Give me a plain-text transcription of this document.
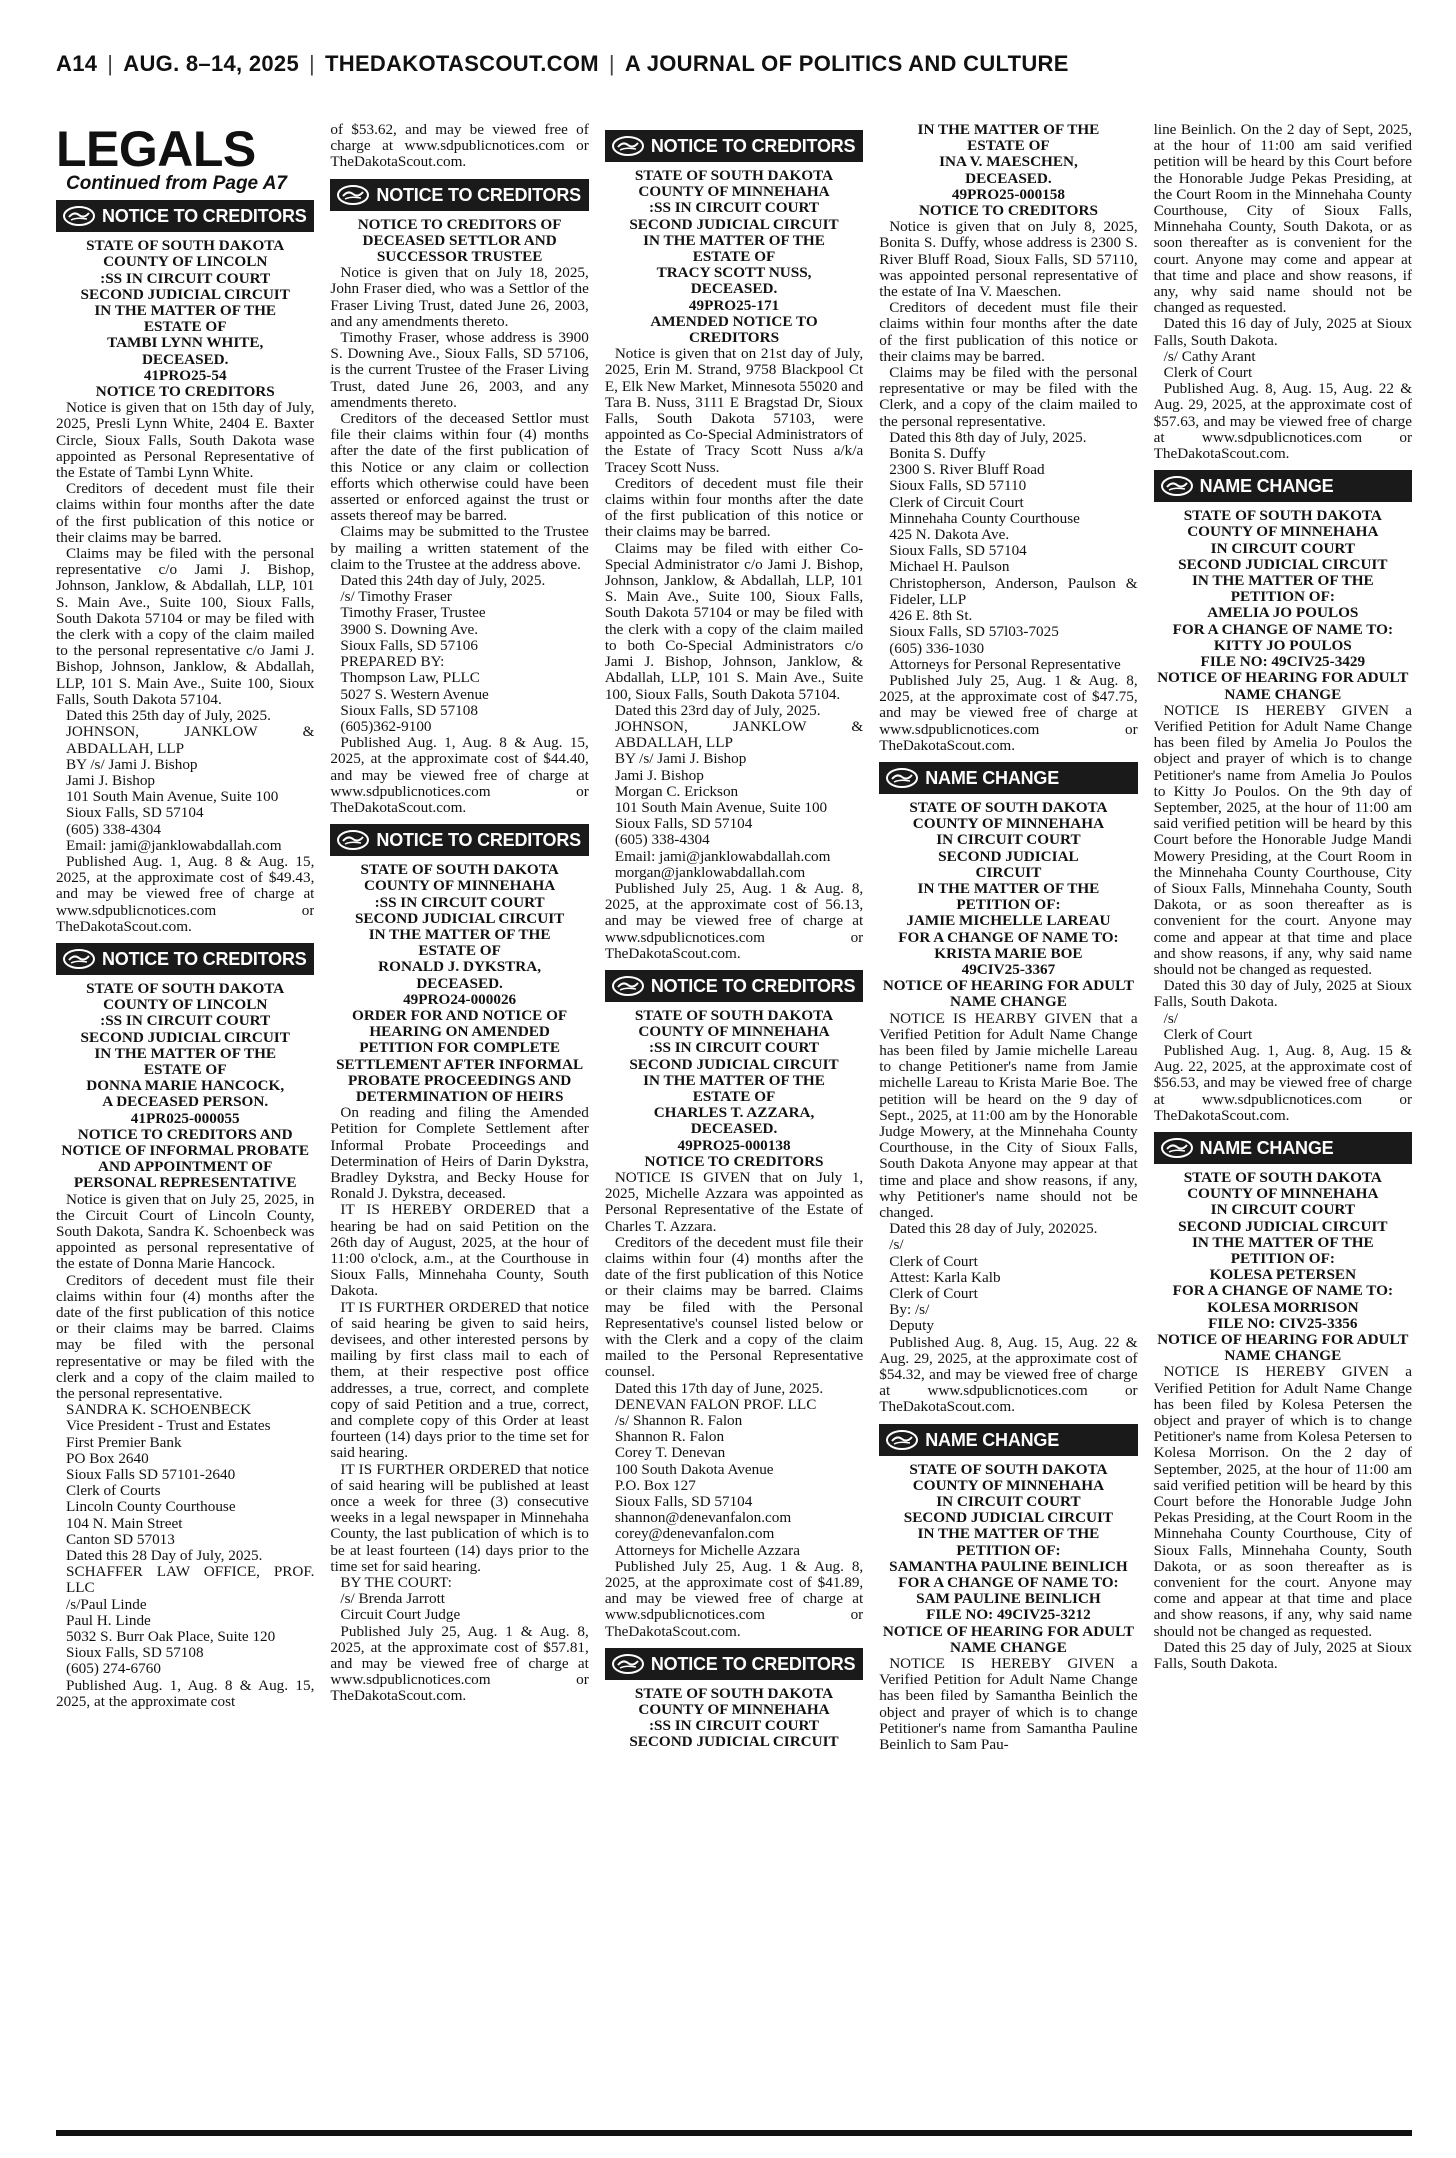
A14 | AUG. 8–14, 2025 | THEDAKOTASCOUT.COM | A JOURNAL OF POLITICS AND CULTURE
LEGALS

Continued from Page A7

NOTICE TO CREDITORS

STATE OF SOUTH DAKOTA

COUNTY OF LINCOLN

:SS IN CIRCUIT COURT

SECOND JUDICIAL CIRCUIT

IN THE MATTER OF THE

ESTATE OF

TAMBI LYNN WHITE,

DECEASED.

41PRO25-54

NOTICE TO CREDITORS

Notice is given that on 15th day of July, 2025, Presli Lynn White, 2404 E. Baxter Circle, Sioux Falls, South Dakota wase appointed as Personal Representative of the Estate of Tambi Lynn White.

Creditors of decedent must file their claims within four months after the date of the first publication of this notice or their claims may be barred.

Claims may be filed with the personal representative c/o Jami J. Bishop, Johnson, Janklow, & Abdallah, LLP, 101 S. Main Ave., Suite 100, Sioux Falls, South Dakota 57104 or may be filed with the clerk with a copy of the claim mailed to the personal representative c/o Jami J. Bishop, Johnson, Janklow, & Abdallah, LLP, 101 S. Main Ave., Suite 100, Sioux Falls, South Dakota 57104.

Dated this 25th day of July, 2025.

JOHNSON, JANKLOW & ABDALLAH, LLP

BY /s/ Jami J. Bishop

Jami J. Bishop

101 South Main Avenue, Suite 100

Sioux Falls, SD 57104

(605) 338-4304

Email: jami@janklowabdallah.com

Published Aug. 1, Aug. 8 & Aug. 15, 2025, at the approximate cost of $49.43, and may be viewed free of charge at www.sdpublicnotices.com or TheDakotaScout.com.

NOTICE TO CREDITORS

STATE OF SOUTH DAKOTA

COUNTY OF LINCOLN

:SS IN CIRCUIT COURT

SECOND JUDICIAL CIRCUIT

IN THE MATTER OF THE

ESTATE OF

DONNA MARIE HANCOCK,

A DECEASED PERSON.

41PR025-000055

NOTICE TO CREDITORS AND NOTICE OF INFORMAL PROBATE AND APPOINTMENT OF PERSONAL REPRESENTATIVE

Notice is given that on July 25, 2025, in the Circuit Court of Lincoln County, South Dakota, Sandra K. Schoenbeck was appointed as personal representative of the estate of Donna Marie Hancock.

Creditors of decedent must file their claims within four (4) months after the date of the first publication of this notice or their claims may be barred. Claims may be filed with the personal representative or may be filed with the clerk and a copy of the claim mailed to the personal representative.

SANDRA K. SCHOENBECK

Vice President - Trust and Estates

First Premier Bank

PO Box 2640

Sioux Falls SD 57101-2640

Clerk of Courts

Lincoln County Courthouse

104 N. Main Street

Canton SD 57013

Dated this 28 Day of July, 2025.

SCHAFFER LAW OFFICE, PROF. LLC

/s/Paul Linde

Paul H. Linde

5032 S. Burr Oak Place, Suite 120

Sioux Falls, SD 57108

(605) 274-6760

Published Aug. 1, Aug. 8 & Aug. 15, 2025, at the approximate cost

of $53.62, and may be viewed free of charge at www.sdpublicnotices.com or TheDakotaScout.com.

NOTICE TO CREDITORS

NOTICE TO CREDITORS OF DECEASED SETTLOR AND SUCCESSOR TRUSTEE

Notice is given that on July 18, 2025, John Fraser died, who was a Settlor of the Fraser Living Trust, dated June 26, 2003, and any amendments thereto.

Timothy Fraser, whose address is 3900 S. Downing Ave., Sioux Falls, SD 57106, is the current Trustee of the Fraser Living Trust, dated June 26, 2003, and any amendments thereto.

Creditors of the deceased Settlor must file their claims within four (4) months after the date of the first publication of this Notice or any claim or collection efforts which otherwise could have been asserted or enforced against the trust or assets thereof may be barred.

Claims may be submitted to the Trustee by mailing a written statement of the claim to the Trustee at the address above.

Dated this 24th day of July, 2025.

/s/ Timothy Fraser

Timothy Fraser, Trustee

3900 S. Downing Ave.

Sioux Falls, SD 57106

PREPARED BY:

Thompson Law, PLLC

5027 S. Western Avenue

Sioux Falls, SD 57108

(605)362-9100

Published Aug. 1, Aug. 8 & Aug. 15, 2025, at the approximate cost of $44.40, and may be viewed free of charge at www.sdpublicnotices.com or TheDakotaScout.com.

NOTICE TO CREDITORS

STATE OF SOUTH DAKOTA

COUNTY OF MINNEHAHA

:SS IN CIRCUIT COURT

SECOND JUDICIAL CIRCUIT

IN THE MATTER OF THE

ESTATE OF

RONALD J. DYKSTRA,

DECEASED.

49PRO24-000026

ORDER FOR AND NOTICE OF HEARING ON AMENDED PETITION FOR COMPLETE SETTLEMENT AFTER INFORMAL PROBATE PROCEEDINGS AND DETERMINATION OF HEIRS

On reading and filing the Amended Petition for Complete Settlement after Informal Probate Proceedings and Determination of Heirs of Darin Dykstra, Bradley Dykstra, and Becky House for Ronald J. Dykstra, deceased.

IT IS HEREBY ORDERED that a hearing be had on said Petition on the 26th day of August, 2025, at the hour of 11:00 o'clock, a.m., at the Courthouse in Sioux Falls, Minnehaha County, South Dakota.

IT IS FURTHER ORDERED that notice of said hearing be given to said heirs, devisees, and other interested persons by mailing by first class mail to each of them, at their respective post office addresses, a true, correct, and complete copy of said Petition and a true, correct, and complete copy of this Order at least fourteen (14) days prior to the time set for said hearing.

IT IS FURTHER ORDERED that notice of said hearing will be published at least once a week for three (3) consecutive weeks in a legal newspaper in Minnehaha County, the last publication of which is to be at least fourteen (14) days prior to the time set for said hearing.

BY THE COURT:

/s/ Brenda Jarrott

Circuit Court Judge

Published July 25, Aug. 1 & Aug. 8, 2025, at the approximate cost of $57.81, and may be viewed free of charge at www.sdpublicnotices.com or TheDakotaScout.com.

NOTICE TO CREDITORS

STATE OF SOUTH DAKOTA

COUNTY OF MINNEHAHA

:SS IN CIRCUIT COURT

SECOND JUDICIAL CIRCUIT

IN THE MATTER OF THE

ESTATE OF

TRACY SCOTT NUSS,

DECEASED.

49PRO25-171

AMENDED NOTICE TO CREDITORS

Notice is given that on 21st day of July, 2025, Erin M. Strand, 9758 Blackpool Ct E, Elk New Market, Minnesota 55020 and Tara B. Nuss, 3111 E Bragstad Dr, Sioux Falls, South Dakota 57103, were appointed as Co-Special Administrators of the Estate of Tracy Scott Nuss a/k/a Tracey Scott Nuss.

Creditors of decedent must file their claims within four months after the date of the first publication of this notice or their claims may be barred.

Claims may be filed with either Co-Special Administrator c/o Jami J. Bishop, Johnson, Janklow, & Abdallah, LLP, 101 S. Main Ave., Suite 100, Sioux Falls, South Dakota 57104 or may be filed with the clerk with a copy of the claim mailed to both Co-Special Administrators c/o Jami J. Bishop, Johnson, Janklow, & Abdallah, LLP, 101 S. Main Ave., Suite 100, Sioux Falls, South Dakota 57104.

Dated this 23rd day of July, 2025.

JOHNSON, JANKLOW & ABDALLAH, LLP

BY /s/ Jami J. Bishop

Jami J. Bishop

Morgan C. Erickson

101 South Main Avenue, Suite 100

Sioux Falls, SD 57104

(605) 338-4304

Email: jami@janklowabdallah.com

morgan@janklowabdallah.com

Published July 25, Aug. 1 & Aug. 8, 2025, at the approximate cost of 56.13, and may be viewed free of charge at www.sdpublicnotices.com or TheDakotaScout.com.

NOTICE TO CREDITORS

STATE OF SOUTH DAKOTA

COUNTY OF MINNEHAHA

:SS IN CIRCUIT COURT

SECOND JUDICIAL CIRCUIT

IN THE MATTER OF THE

ESTATE OF

CHARLES T. AZZARA,

DECEASED.

49PRO25-000138

NOTICE TO CREDITORS

NOTICE IS GIVEN that on July 1, 2025, Michelle Azzara was appointed as Personal Representative of the Estate of Charles T. Azzara.

Creditors of the decedent must file their claims within four (4) months after the date of the first publication of this Notice or their claims may be barred. Claims may be filed with the Personal Representative's counsel listed below or with the Clerk and a copy of the claim mailed to the Personal Representative counsel.

Dated this 17th day of June, 2025.

DENEVAN FALON PROF. LLC

/s/ Shannon R. Falon

Shannon R. Falon

Corey T. Denevan

100 South Dakota Avenue

P.O. Box 127

Sioux Falls, SD 57104

shannon@denevanfalon.com

corey@denevanfalon.com

Attorneys for Michelle Azzara

Published July 25, Aug. 1 & Aug. 8, 2025, at the approximate cost of $41.89, and may be viewed free of charge at www.sdpublicnotices.com or TheDakotaScout.com.

NOTICE TO CREDITORS

STATE OF SOUTH DAKOTA

COUNTY OF MINNEHAHA

:SS IN CIRCUIT COURT

SECOND JUDICIAL CIRCUIT

IN THE MATTER OF THE

ESTATE OF

INA V. MAESCHEN,

DECEASED.

49PRO25-000158

NOTICE TO CREDITORS

Notice is given that on July 8, 2025, Bonita S. Duffy, whose address is 2300 S. River Bluff Road, Sioux Falls, SD 57110, was appointed personal representative of the estate of Ina V. Maeschen.

Creditors of decedent must file their claims within four months after the date of the first publication of this notice or their claims may be barred.

Claims may be filed with the personal representative or may be filed with the Clerk, and a copy of the claim mailed to the personal representative.

Dated this 8th day of July, 2025.

Bonita S. Duffy

2300 S. River Bluff Road

Sioux Falls, SD 57110

Clerk of Circuit Court

Minnehaha County Courthouse

425 N. Dakota Ave.

Sioux Falls, SD 57104

Michael H. Paulson

Christopherson, Anderson, Paulson & Fideler, LLP

426 E. 8th St.

Sioux Falls, SD 57l03-7025

(605) 336-1030

Attorneys for Personal Representative

Published July 25, Aug. 1 & Aug. 8, 2025, at the approximate cost of $47.75, and may be viewed free of charge at www.sdpublicnotices.com or TheDakotaScout.com.

NAME CHANGE

STATE OF SOUTH DAKOTA

COUNTY OF MINNEHAHA

IN CIRCUIT COURT

SECOND JUDICIAL

CIRCUIT

IN THE MATTER OF THE

PETITION OF:

JAMIE MICHELLE LAREAU

FOR A CHANGE OF NAME TO:

KRISTA MARIE BOE

49CIV25-3367

NOTICE OF HEARING FOR ADULT NAME CHANGE

NOTICE IS HEARBY GIVEN that a Verified Petition for Adult Name Change has been filed by Jamie michelle Lareau to change Petitioner's name from Jamie michelle Lareau to Krista Marie Boe. The petition will be heard on the 9 day of Sept., 2025, at 11:00 am by the Honorable Judge Mowery, at the Minnehaha County Courthouse, in the City of Sioux Falls, South Dakota Anyone may appear at that time and place and show reasons, if any, why Petitioner's name should not be changed.

Dated this 28 day of July, 202025.

/s/

Clerk of Court

Attest: Karla Kalb

Clerk of Court

By: /s/

Deputy

Published Aug. 8, Aug. 15, Aug. 22 & Aug. 29, 2025, at the approximate cost of $54.32, and may be viewed free of charge at www.sdpublicnotices.com or TheDakotaScout.com.

NAME CHANGE

STATE OF SOUTH DAKOTA

COUNTY OF MINNEHAHA

IN CIRCUIT COURT

SECOND JUDICIAL CIRCUIT

IN THE MATTER OF THE

PETITION OF:

SAMANTHA PAULINE BEINLICH

FOR A CHANGE OF NAME TO:

SAM PAULINE BEINLICH

FILE NO: 49CIV25-3212

NOTICE OF HEARING FOR ADULT NAME CHANGE

NOTICE IS HEREBY GIVEN a Verified Petition for Adult Name Change has been filed by Samantha Beinlich the object and prayer of which is to change Petitioner's name from Samantha Pauline Beinlich to Sam Pau-

line Beinlich. On the 2 day of Sept, 2025, at the hour of 11:00 am said verified petition will be heard by this Court before the Honorable Judge Pekas Presiding, at the Court Room in the Minnehaha County Courthouse, City of Sioux Falls, Minnehaha County, South Dakota, or as soon thereafter as is convenient for the court. Anyone may come and appear at that time and place and show reasons, if any, why said name should not be changed as requested.

Dated this 16 day of July, 2025 at Sioux Falls, South Dakota.

/s/ Cathy Arant

Clerk of Court

Published Aug. 8, Aug. 15, Aug. 22 & Aug. 29, 2025, at the approximate cost of $57.63, and may be viewed free of charge at www.sdpublicnotices.com or TheDakotaScout.com.

NAME CHANGE

STATE OF SOUTH DAKOTA

COUNTY OF MINNEHAHA

IN CIRCUIT COURT

SECOND JUDICIAL CIRCUIT

IN THE MATTER OF THE

PETITION OF:

AMELIA JO POULOS

FOR A CHANGE OF NAME TO:

KITTY JO POULOS

FILE NO: 49CIV25-3429

NOTICE OF HEARING FOR ADULT NAME CHANGE

NOTICE IS HEREBY GIVEN a Verified Petition for Adult Name Change has been filed by Amelia Jo Poulos the object and prayer of which is to change Petitioner's name from Amelia Jo Poulos to Kitty Jo Poulos. On the 9th day of September, 2025, at the hour of 11:00 am said verified petition will be heard by this Court before the Honorable Judge Mandi Mowery Presiding, at the Court Room in the Minnehaha County Courthouse, City of Sioux Falls, Minnehaha County, South Dakota, or as soon thereafter as is convenient for the court. Anyone may come and appear at that time and place and show reasons, if any, why said name should not be changed as requested.

Dated this 30 day of July, 2025 at Sioux Falls, South Dakota.

/s/

Clerk of Court

Published Aug. 1, Aug. 8, Aug. 15 & Aug. 22, 2025, at the approximate cost of $56.53, and may be viewed free of charge at www.sdpublicnotices.com or TheDakotaScout.com.

NAME CHANGE

STATE OF SOUTH DAKOTA

COUNTY OF MINNEHAHA

IN CIRCUIT COURT

SECOND JUDICIAL CIRCUIT

IN THE MATTER OF THE

PETITION OF:

KOLESA PETERSEN

FOR A CHANGE OF NAME TO:

KOLESA MORRISON

FILE NO: CIV25-3356

NOTICE OF HEARING FOR ADULT NAME CHANGE

NOTICE IS HEREBY GIVEN a Verified Petition for Adult Name Change has been filed by Kolesa Petersen the object and prayer of which is to change Petitioner's name from Kolesa Petersen to Kolesa Morrison. On the 2 day of September, 2025, at the hour of 11:00 am said verified petition will be heard by this Court before the Honorable Judge John Pekas Presiding, at the Court Room in the Minnehaha County Courthouse, City of Sioux Falls, Minnehaha County, South Dakota, or as soon thereafter as is convenient for the court. Anyone may come and appear at that time and place and show reasons, if any, why said name should not be changed as requested.

Dated this 25 day of July, 2025 at Sioux Falls, South Dakota.
